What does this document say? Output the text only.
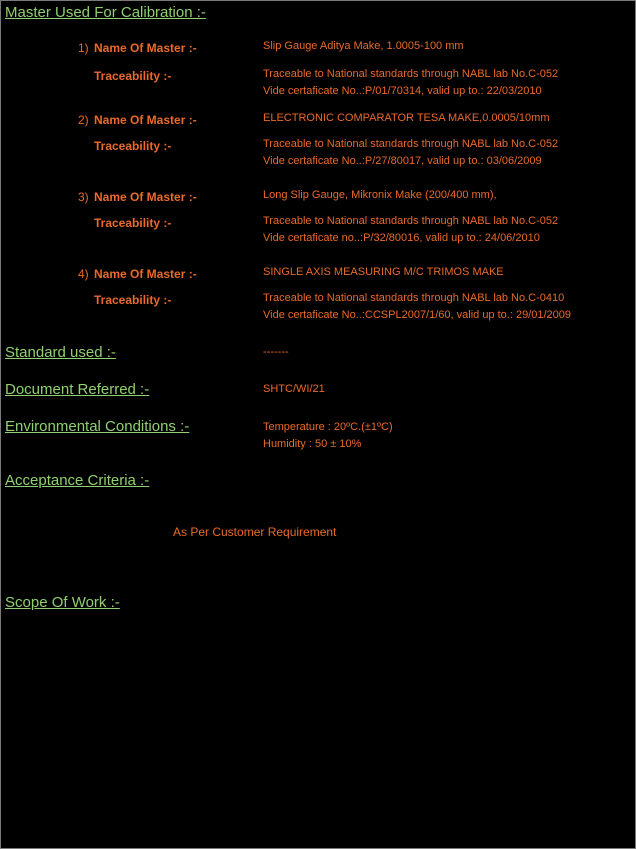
Master Used For Calibration :-
1) Name Of Master :-	Slip Gauge Aditya Make, 1.0005-100 mm
Traceability :-	Traceable to National standards through NABL lab No.C-052
Vide certaficate No..:P/01/70314, valid up to.: 22/03/2010
2) Name Of Master :-	ELECTRONIC COMPARATOR TESA MAKE,0.0005/10mm
Traceability :-	Traceable to National standards through NABL lab No.C-052
Vide certaficate No..:P/27/80017, valid up to.: 03/06/2009
3) Name Of Master :-	Long Slip Gauge, Mikronix Make (200/400 mm),
Traceability :-	Traceable to National standards through NABL lab No.C-052
Vide certaficate no..:P/32/80016, valid up to.: 24/06/2010
4) Name Of Master :-	SINGLE AXIS MEASURING M/C TRIMOS MAKE
Traceability :-	Traceable to National standards through NABL lab No.C-0410
Vide certaficate No..:CCSPL2007/1/60, valid up to.: 29/01/2009
Standard used :-	-------
Document Referred :-	SHTC/WI/21
Environmental Conditions :-	Temperature : 20ºC.(±1ºC)
Humidity : 50 ± 10%
Acceptance Criteria :-
As Per Customer Requirement
Scope Of Work :-
